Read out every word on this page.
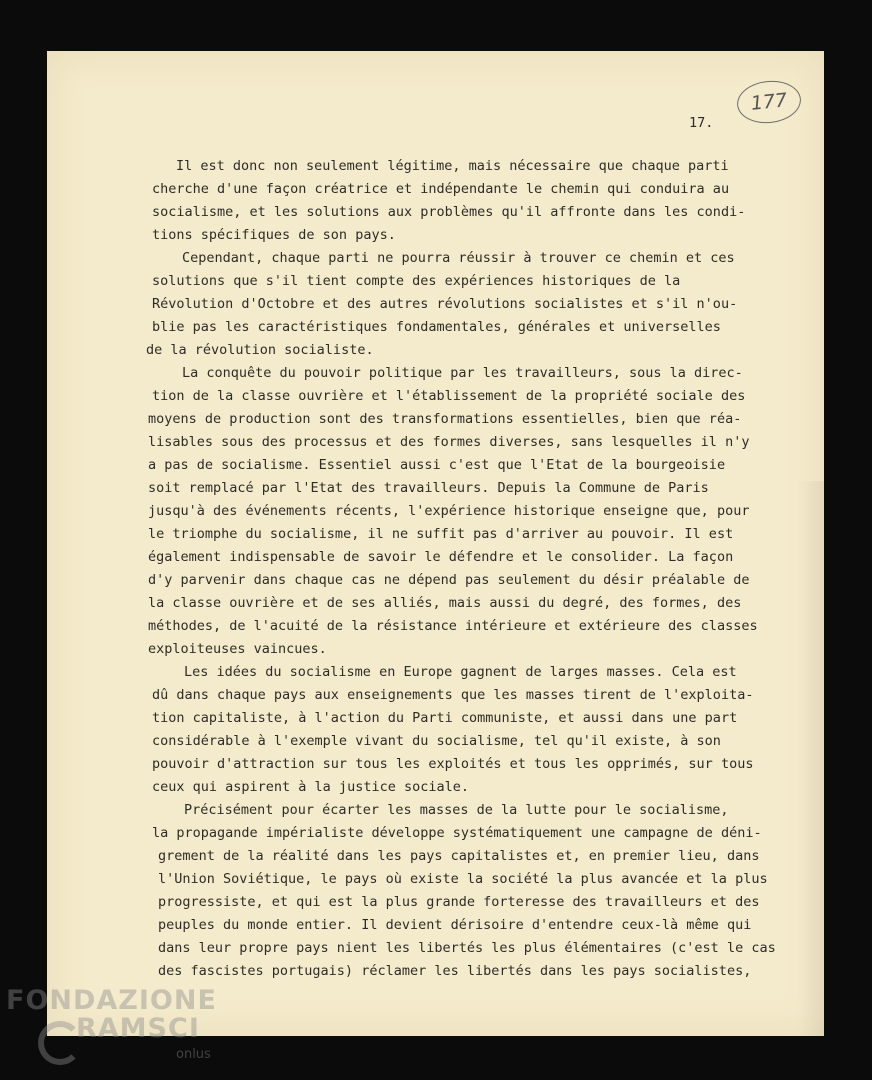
177
17.
Il est donc non seulement légitime, mais nécessaire que chaque parti
cherche d'une façon créatrice et indépendante le chemin qui conduira au
socialisme, et les solutions aux problèmes qu'il affronte dans les condi-
tions spécifiques de son pays.
Cependant, chaque parti ne pourra réussir à trouver ce chemin et ces
solutions que s'il tient compte des expériences historiques de la
Révolution d'Octobre et des autres révolutions socialistes et s'il n'ou-
blie pas les caractéristiques fondamentales, générales et universelles
de la révolution socialiste.
La conquête du pouvoir politique par les travailleurs, sous la direc-
tion de la classe ouvrière et l'établissement de la propriété sociale des
moyens de production sont des transformations essentielles, bien que réa-
lisables sous des processus et des formes diverses, sans lesquelles il n'y
a pas de socialisme. Essentiel aussi c'est que l'Etat de la bourgeoisie
soit remplacé par l'Etat des travailleurs. Depuis la Commune de Paris
jusqu'à des événements récents, l'expérience historique enseigne que, pour
le triomphe du socialisme, il ne suffit pas d'arriver au pouvoir. Il est
également indispensable de savoir le défendre et le consolider. La façon
d'y parvenir dans chaque cas ne dépend pas seulement du désir préalable de
la classe ouvrière et de ses alliés, mais aussi du degré, des formes, des
méthodes, de l'acuité de la résistance intérieure et extérieure des classes
exploiteuses vaincues.
Les idées du socialisme en Europe gagnent de larges masses. Cela est
dû dans chaque pays aux enseignements que les masses tirent de l'exploita-
tion capitaliste, à l'action du Parti communiste, et aussi dans une part
considérable à l'exemple vivant du socialisme, tel qu'il existe, à son
pouvoir d'attraction sur tous les exploités et tous les opprimés, sur tous
ceux qui aspirent à la justice sociale.
Précisément pour écarter les masses de la lutte pour le socialisme,
la propagande impérialiste développe systématiquement une campagne de déni-
grement de la réalité dans les pays capitalistes et, en premier lieu, dans
l'Union Soviétique, le pays où existe la société la plus avancée et la plus
progressiste, et qui est la plus grande forteresse des travailleurs et des
peuples du monde entier. Il devient dérisoire d'entendre ceux-là même qui
dans leur propre pays nient les libertés les plus élémentaires (c'est le cas
des fascistes portugais) réclamer les libertés dans les pays socialistes,
FONDAZIONE
RAMSCI
onlus
